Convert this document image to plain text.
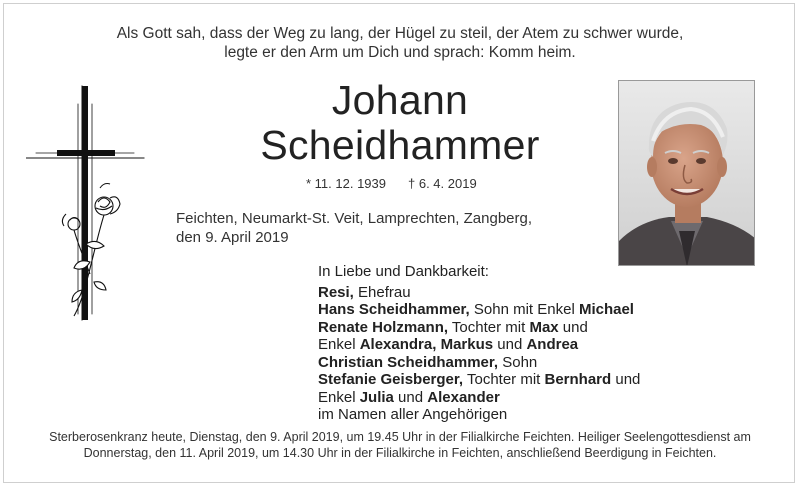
Als Gott sah, dass der Weg zu lang, der Hügel zu steil, der Atem zu schwer wurde,
legte er den Arm um Dich und sprach: Komm heim.
Johann
Scheidhammer
* 11. 12. 1939 † 6. 4. 2019
Feichten, Neumarkt-St. Veit, Lamprechten, Zangberg,
den 9. April 2019
In Liebe und Dankbarkeit:
Resi, Ehefrau
Hans Scheidhammer, Sohn mit Enkel Michael
Renate Holzmann, Tochter mit Max und
Enkel Alexandra, Markus und Andrea
Christian Scheidhammer, Sohn
Stefanie Geisberger, Tochter mit Bernhard und
Enkel Julia und Alexander
im Namen aller Angehörigen
Sterberosenkranz heute, Dienstag, den 9. April 2019, um 19.45 Uhr in der Filialkirche Feichten. Heiliger Seelengottesdienst am
Donnerstag, den 11. April 2019, um 14.30 Uhr in der Filialkirche in Feichten, anschließend Beerdigung in Feichten.
